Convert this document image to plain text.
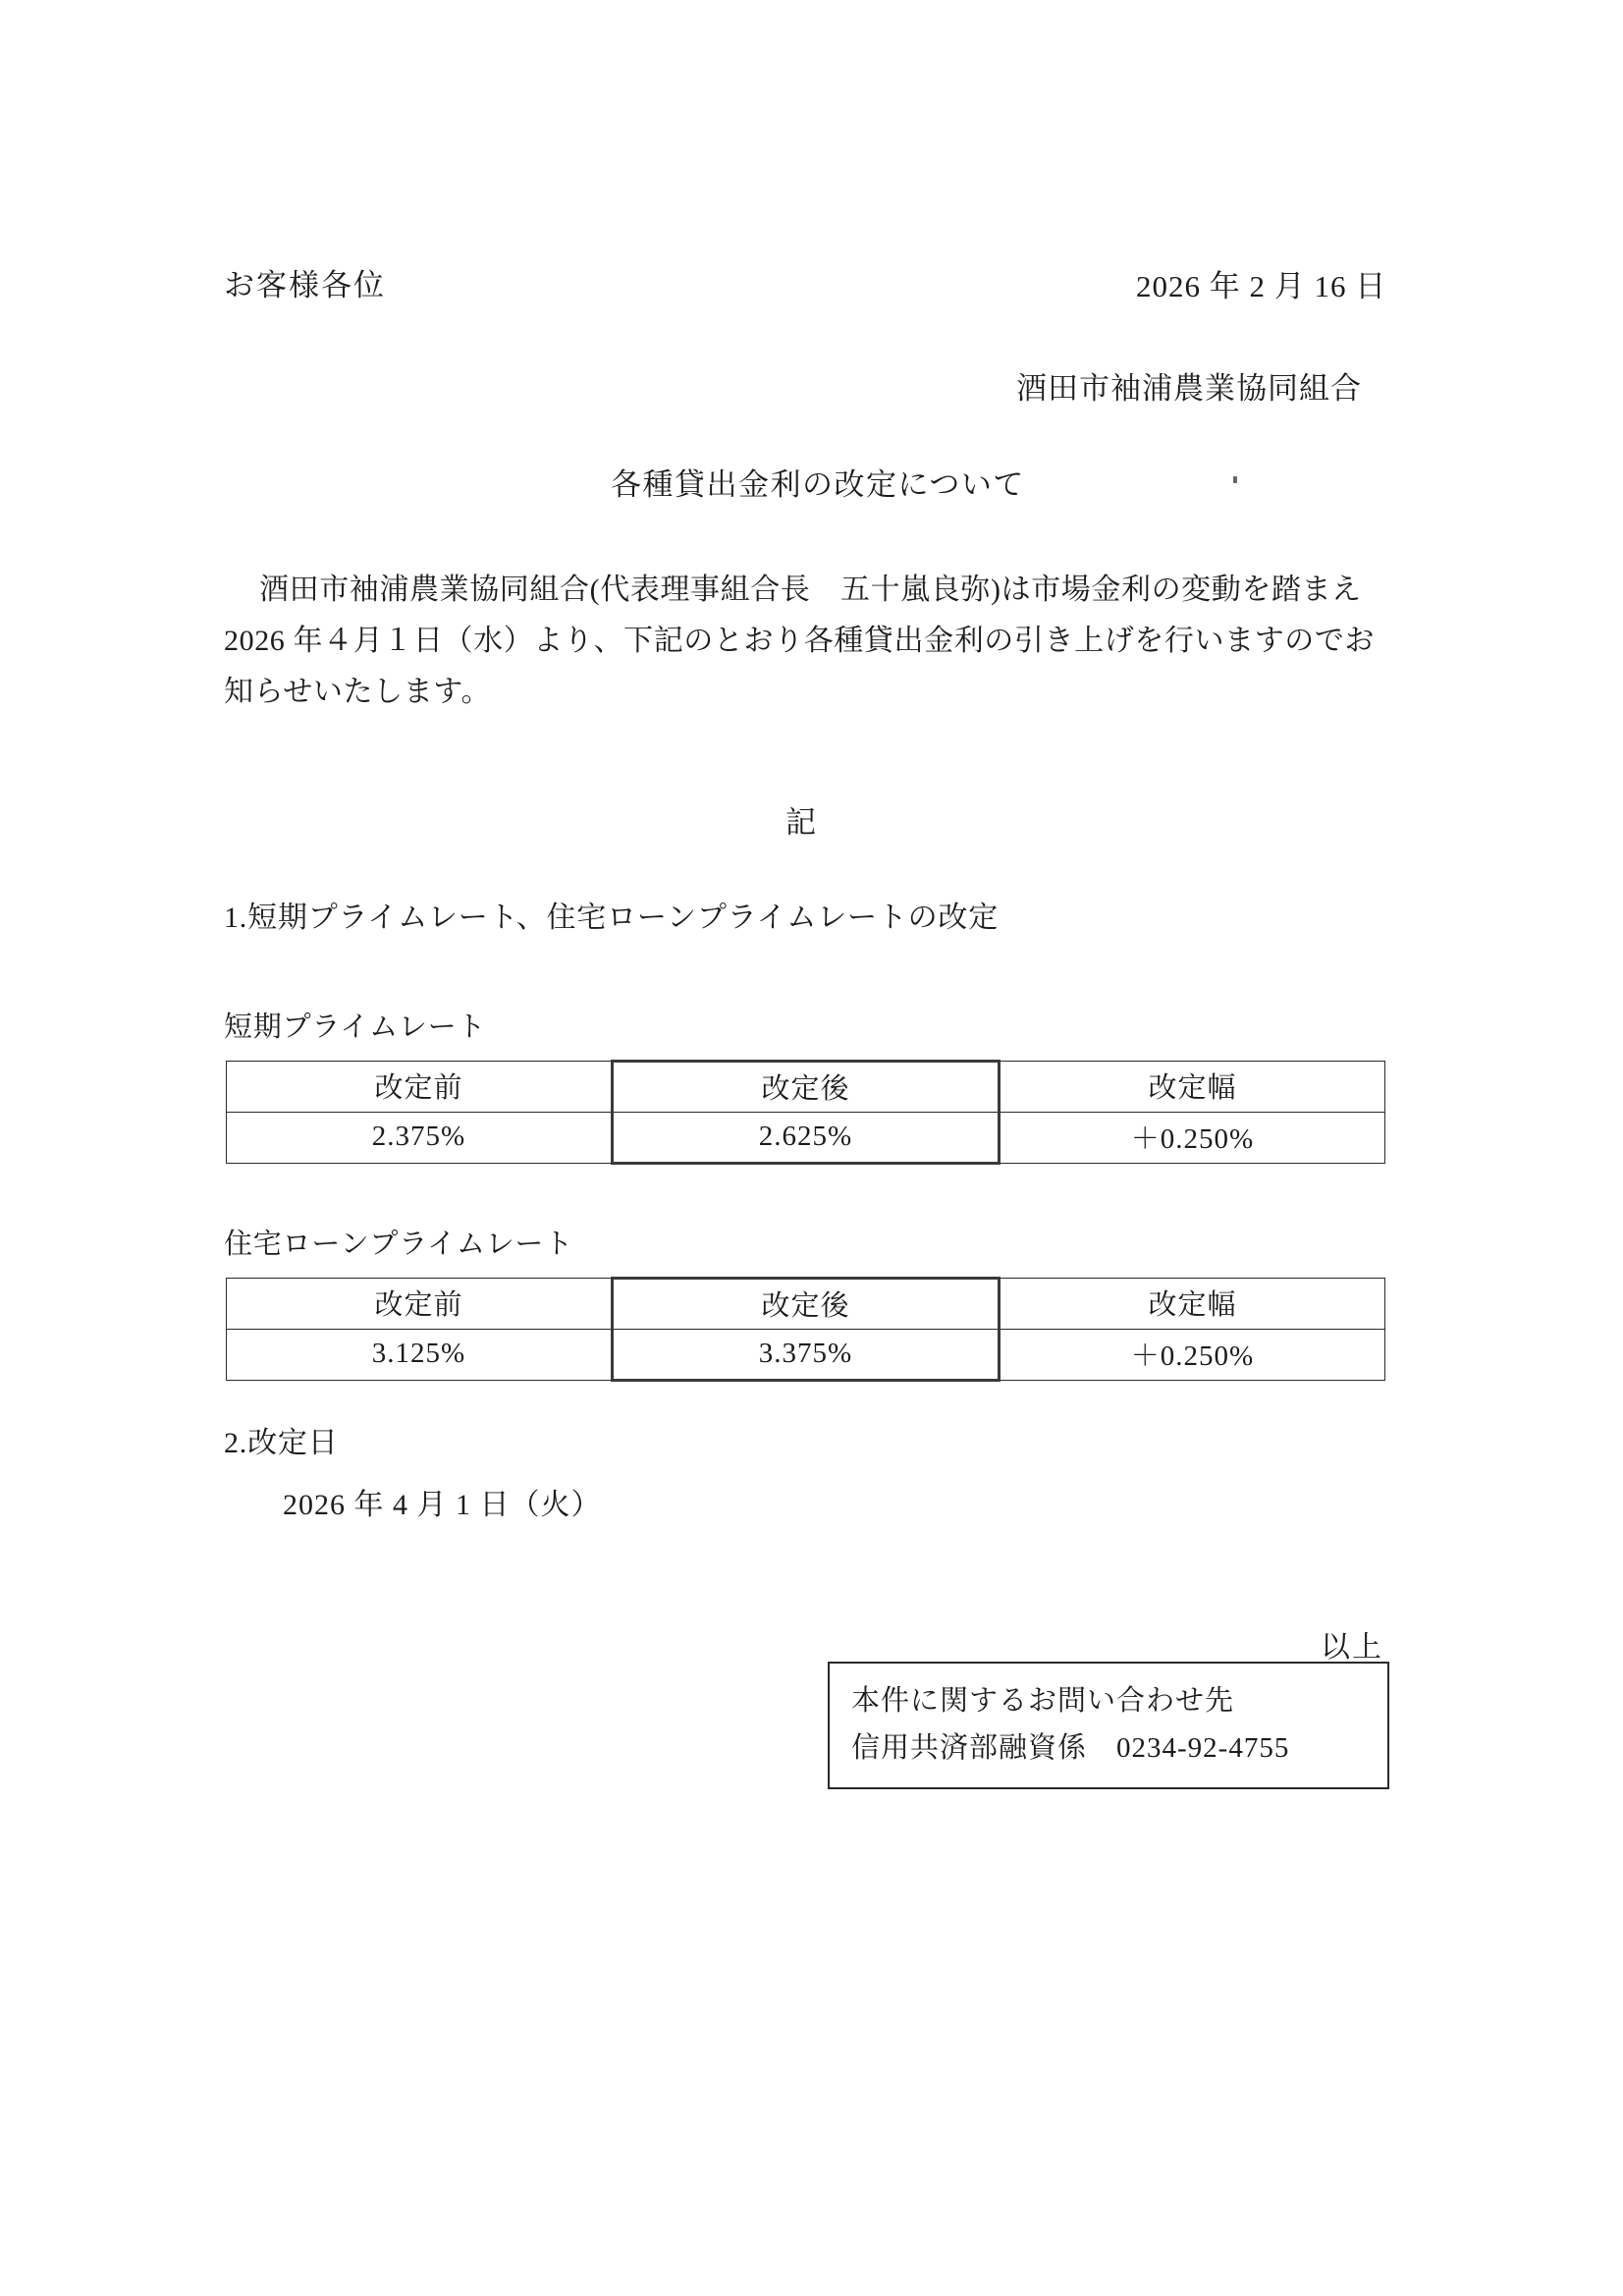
お客様各位	2026 年 2 月 16 日
酒田市袖浦農業協同組合
各種貸出金利の改定について
酒田市袖浦農業協同組合(代表理事組合長　五十嵐良弥)は市場金利の変動を踏まえ 2026 年４月１日（水）より、下記のとおり各種貸出金利の引き上げを行いますのでお知らせいたします。
記
1.短期プライムレート、住宅ローンプライムレートの改定
短期プライムレート
改定前	改定後	改定幅
2.375%	2.625%	＋0.250%
住宅ローンプライムレート
改定前	改定後	改定幅
3.125%	3.375%	＋0.250%
2.改定日
2026 年 4 月 1 日（火）
以上
本件に関するお問い合わせ先
信用共済部融資係　0234-92-4755
